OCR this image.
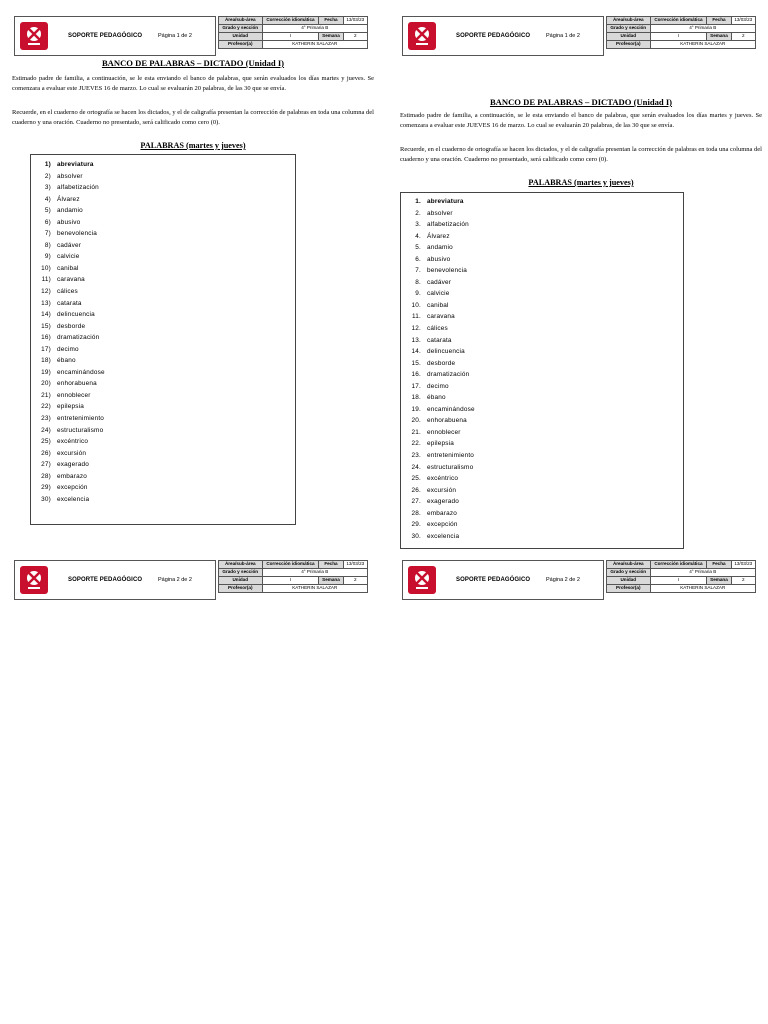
SOPORTE PEDAGÓGICO	Página 1 de 2
Área/sub-área	Corrección idiomática	Fecha	13/03/23
Grado y sección	4° Primaria B		
Unidad	I	Semana	2
Profesor(a)	KATHERIN SALAZAR		
BANCO DE PALABRAS – DICTADO (Unidad I)
Estimado padre de familia, a continuación, se le esta enviando el banco de palabras, que serán evaluados los días martes y jueves. Se comenzara a evaluar este JUEVES 16 de marzo. Lo cual se evaluarán 20 palabras, de las 30 que se envía.
Recuerde, en el cuaderno de ortografía se hacen los dictados, y el de caligrafía presentan la corrección de palabras en toda una columna del cuaderno y una oración. Cuaderno no presentado, será calificado como cero (0).
PALABRAS (martes y jueves)
1) abreviatura
2) absolver
3) alfabetización
4) Álvarez
5) andamio
6) abusivo
7) benevolencia
8) cadáver
9) calvicie
10) canibal
11) caravana
12) cálices
13) catarata
14) delincuencia
15) desborde
16) dramatización
17) decimo
18) ébano
19) encaminándose
20) enhorabuena
21) ennoblecer
22) epilepsia
23) entretenimiento
24) estructuralismo
25) excéntrico
26) excursión
27) exagerado
28) embarazo
29) excepción
30) excelencia
SOPORTE PEDAGÓGICO	Página 2 de 2
Área/sub-área	Corrección idiomática	Fecha	13/03/23
Grado y sección	4° Primaria B		
Unidad	I	Semana	2
Profesor(a)	KATHERIN SALAZAR		
SOPORTE PEDAGÓGICO	Página 1 de 2
Área/sub-área	Corrección idiomática	Fecha	13/03/23
Grado y sección	4° Primaria B		
Unidad	I	Semana	2
Profesor(a)	KATHERIN SALAZAR		
BANCO DE PALABRAS – DICTADO (Unidad I)
Estimado padre de familia, a continuación, se le esta enviando el banco de palabras, que serán evaluados los días martes y jueves. Se comenzara a evaluar este JUEVES 16 de marzo. Lo cual se evaluarán 20 palabras, de las 30 que se envía.
Recuerde, en el cuaderno de ortografía se hacen los dictados, y el de caligrafía presentan la corrección de palabras en toda una columna del cuaderno y una oración. Cuaderno no presentado, será calificado como cero (0).
PALABRAS (martes y jueves)
1. abreviatura
2. absolver
3. alfabetización
4. Álvarez
5. andamio
6. abusivo
7. benevolencia
8. cadáver
9. calvicie
10. canibal
11. caravana
12. cálices
13. catarata
14. delincuencia
15. desborde
16. dramatización
17. decimo
18. ébano
19. encaminándose
20. enhorabuena
21. ennoblecer
22. epilepsia
23. entretenimiento
24. estructuralismo
25. excéntrico
26. excursión
27. exagerado
28. embarazo
29. excepción
30. excelencia
SOPORTE PEDAGÓGICO	Página 2 de 2
Área/sub-área	Corrección idiomática	Fecha	13/03/23
Grado y sección	4° Primaria B		
Unidad	I	Semana	2
Profesor(a)	KATHERIN SALAZAR		
